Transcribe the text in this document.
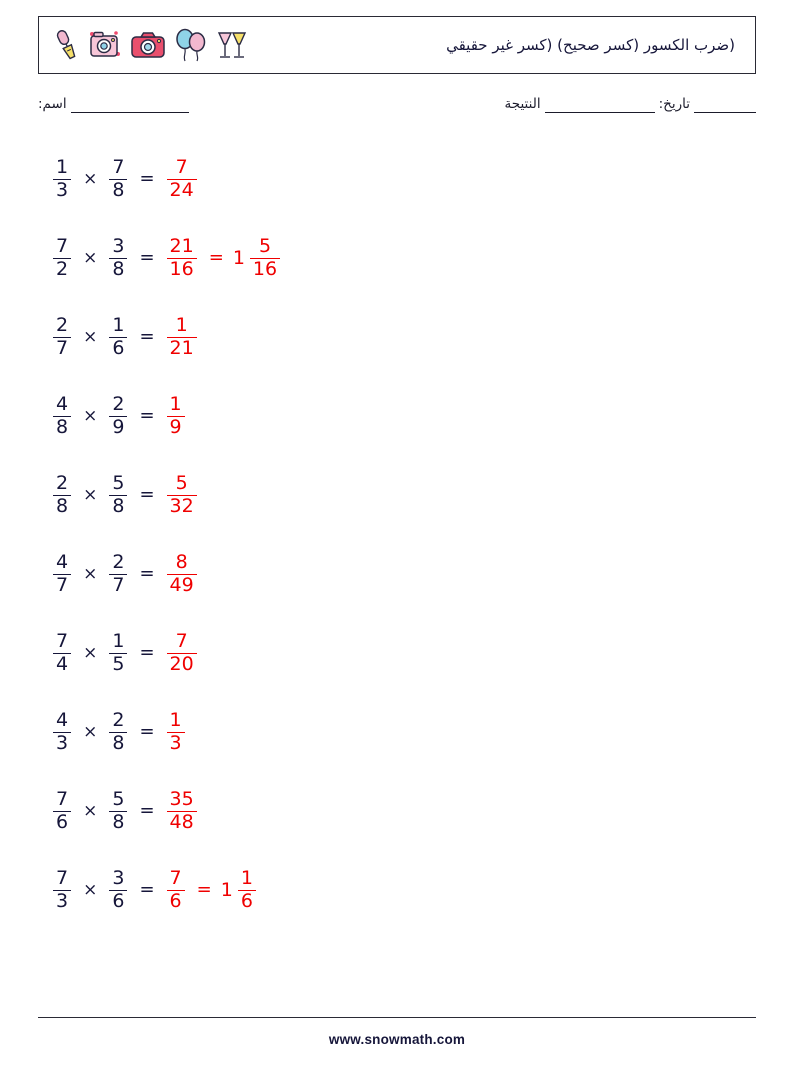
(ضرب الكسور (كسر صحيح) (كسر غير حقيقي
تاريخ:
النتيجة
اسم:
$\frac{1}{3} \times \frac{7}{8} = \frac{7}{24}$
$\frac{7}{2} \times \frac{3}{8} = \frac{21}{16} = 1 \frac{5}{16}$
$\frac{2}{7} \times \frac{1}{6} = \frac{1}{21}$
$\frac{4}{8} \times \frac{2}{9} = \frac{1}{9}$
$\frac{2}{8} \times \frac{5}{8} = \frac{5}{32}$
$\frac{4}{7} \times \frac{2}{7} = \frac{8}{49}$
$\frac{7}{4} \times \frac{1}{5} = \frac{7}{20}$
$\frac{4}{3} \times \frac{2}{8} = \frac{1}{3}$
$\frac{7}{6} \times \frac{5}{8} = \frac{35}{48}$
$\frac{7}{3} \times \frac{3}{6} = \frac{7}{6} = 1 \frac{1}{6}$
www.snowmath.com
